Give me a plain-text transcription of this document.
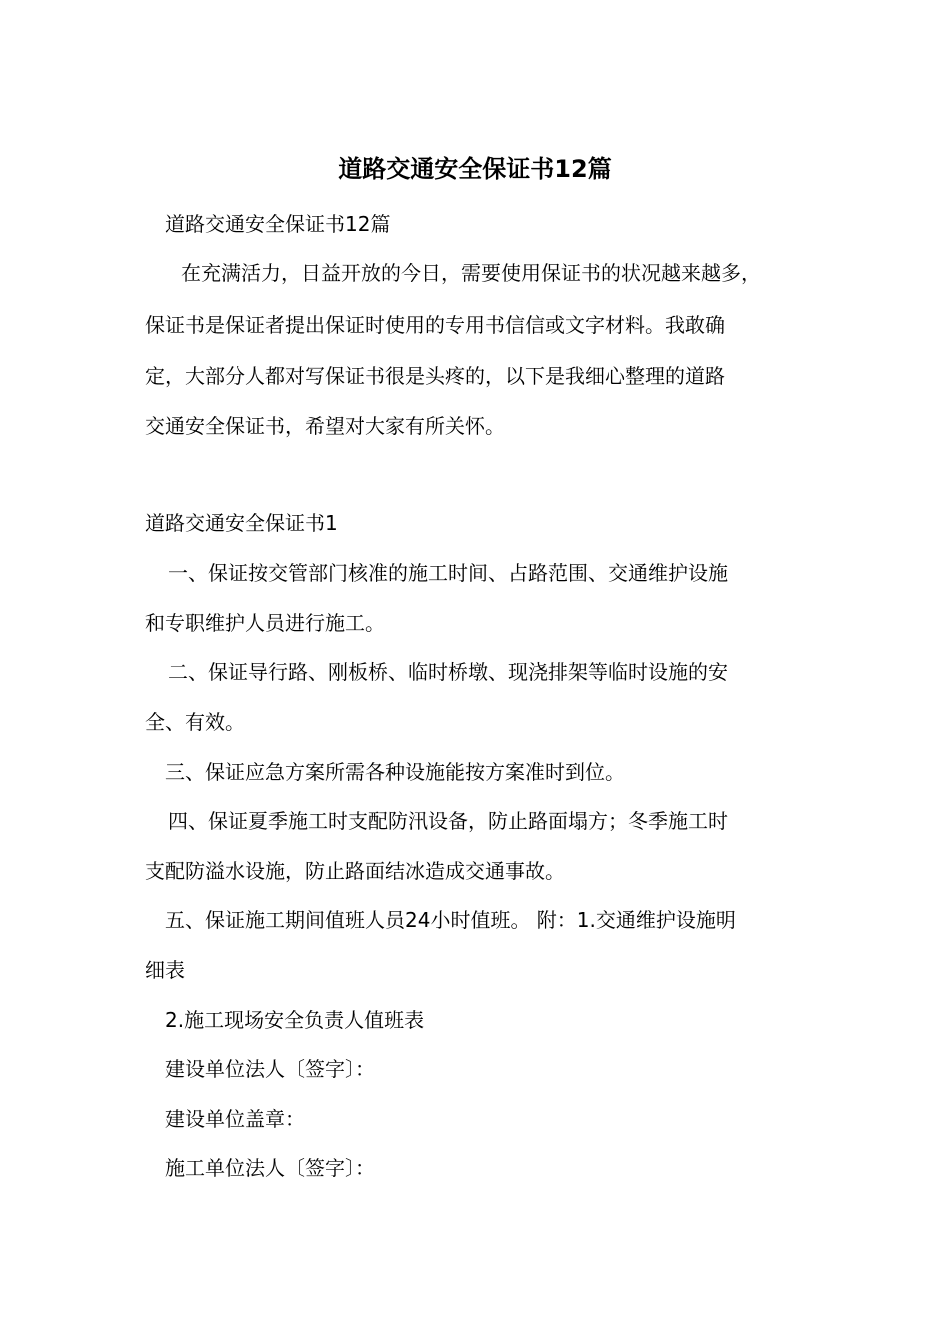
道路交通安全保证书12篇
道路交通安全保证书12篇
在充满活力，日益开放的今日，需要使用保证书的状况越来越多，
保证书是保证者提出保证时使用的专用书信信或文字材料。我敢确
定，大部分人都对写保证书很是头疼的，以下是我细心整理的道路
交通安全保证书，希望对大家有所关怀。
道路交通安全保证书1
一、保证按交管部门核准的施工时间、占路范围、交通维护设施
和专职维护人员进行施工。
二、保证导行路、刚板桥、临时桥墩、现浇排架等临时设施的安
全、有效。
三、保证应急方案所需各种设施能按方案准时到位。
四、保证夏季施工时支配防汛设备，防止路面塌方；冬季施工时
支配防溢水设施，防止路面结冰造成交通事故。
五、保证施工期间值班人员24小时值班。 附：1.交通维护设施明
细表
2.施工现场安全负责人值班表
建设单位法人〔签字〕：
建设单位盖章：
施工单位法人〔签字〕：
